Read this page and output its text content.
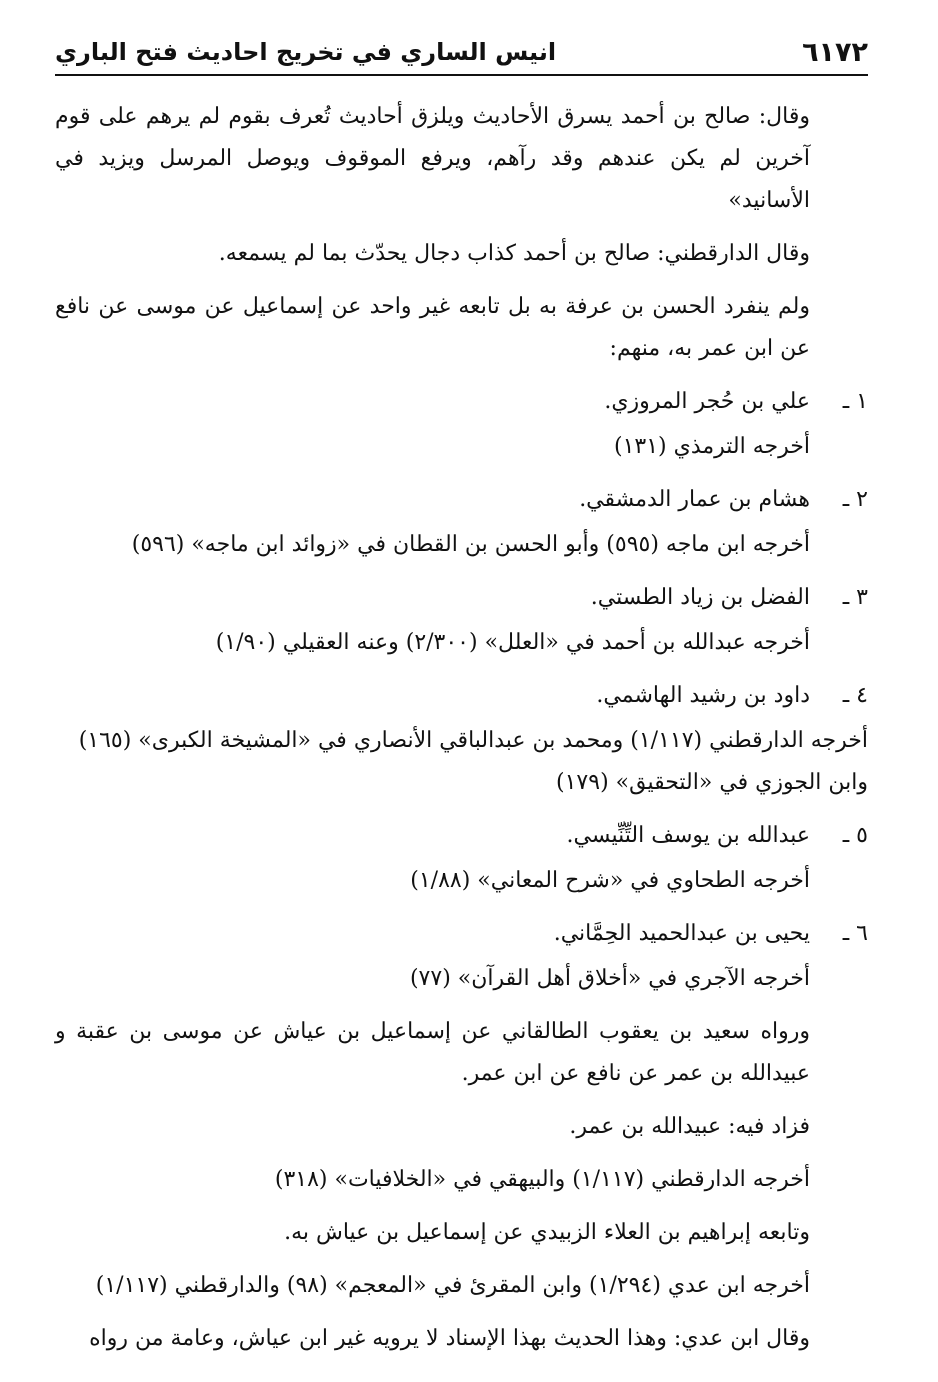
٦١٧٢
انيس الساري في تخريج احاديث فتح الباري

وقال: صالح بن أحمد يسرق الأحاديث ويلزق أحاديث تُعرف بقوم لم يرهم على قوم آخرين لم يكن عندهم وقد رآهم، ويرفع الموقوف ويوصل المرسل ويزيد في الأسانيد»

وقال الدارقطني: صالح بن أحمد كذاب دجال يحدّث بما لم يسمعه.

ولم ينفرد الحسن بن عرفة به بل تابعه غير واحد عن إسماعيل عن موسى عن نافع عن ابن عمر به، منهم:

١ ـ
علي بن حُجر المروزي.

أخرجه الترمذي (١٣١)

٢ ـ
هشام بن عمار الدمشقي.

أخرجه ابن ماجه (٥٩٥) وأبو الحسن بن القطان في «زوائد ابن ماجه» (٥٩٦)

٣ ـ
الفضل بن زياد الطستي.

أخرجه عبدالله بن أحمد في «العلل» (٢/٣٠٠) وعنه العقيلي (١/٩٠)

٤ ـ
داود بن رشيد الهاشمي.

أخرجه الدارقطني (١/١١٧) ومحمد بن عبدالباقي الأنصاري في «المشيخة الكبرى» (١٦٥) وابن الجوزي في «التحقيق» (١٧٩)

٥ ـ
عبدالله بن يوسف التِّنِّيسي.

أخرجه الطحاوي في «شرح المعاني» (١/٨٨)

٦ ـ
يحيى بن عبدالحميد الحِمَّاني.

أخرجه الآجري في «أخلاق أهل القرآن» (٧٧)

ورواه سعيد بن يعقوب الطالقاني عن إسماعيل بن عياش عن موسى بن عقبة و عبيدالله بن عمر عن نافع عن ابن عمر.

فزاد فيه: عبيدالله بن عمر.

أخرجه الدارقطني (١/١١٧) والبيهقي في «الخلافيات» (٣١٨)

وتابعه إبراهيم بن العلاء الزبيدي عن إسماعيل بن عياش به.

أخرجه ابن عدي (١/٢٩٤) وابن المقرئ في «المعجم» (٩٨) والدارقطني (١/١١٧)

وقال ابن عدي: وهذا الحديث بهذا الإسناد لا يرويه غير ابن عياش، وعامة من رواه
